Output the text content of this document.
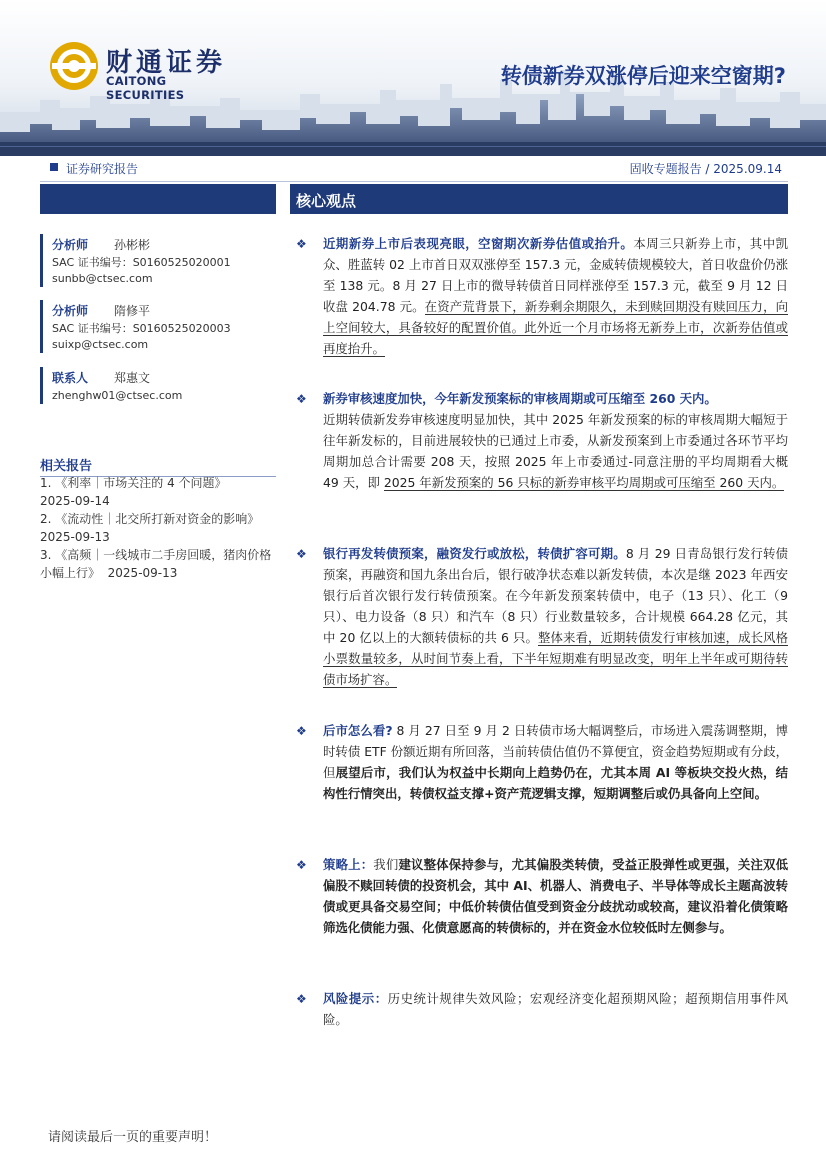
财通证券
CAITONG SECURITIES
转债新券双涨停后迎来空窗期?
证券研究报告	固收专题报告 / 2025.09.14
核心观点
分析师 孙彬彬
SAC 证书编号：S0160525020001
sunbb@ctsec.com
分析师 隋修平
SAC 证书编号：S0160525020003
suixp@ctsec.com
联系人 郑惠文
zhenghw01@ctsec.com
相关报告
1. 《利率｜市场关注的 4 个问题》
2025-09-14
2. 《流动性｜北交所打新对资金的影响》
2025-09-13
3. 《高频｜一线城市二手房回暖，猪肉价格小幅上行》 2025-09-13
❖ 近期新券上市后表现亮眼，空窗期次新券估值或抬升。本周三只新券上市，其中凯众、胜蓝转 02 上市首日双双涨停至 157.3 元，金威转债规模较大，首日收盘价仍涨至 138 元。8 月 27 日上市的微导转债首日同样涨停至 157.3 元，截至 9 月 12 日收盘 204.78 元。在资产荒背景下，新券剩余期限久，未到赎回期没有赎回压力，向上空间较大，具备较好的配置价值。此外近一个月市场将无新券上市，次新券估值或再度抬升。
❖ 新券审核速度加快，今年新发预案标的审核周期或可压缩至 260 天内。
近期转债新发券审核速度明显加快，其中 2025 年新发预案的标的审核周期大幅短于往年新发标的，目前进展较快的已通过上市委，从新发预案到上市委通过各环节平均周期加总合计需要 208 天，按照 2025 年上市委通过-同意注册的平均周期看大概 49 天，即 2025 年新发预案的 56 只标的新券审核平均周期或可压缩至 260 天内。
❖ 银行再发转债预案，融资发行或放松，转债扩容可期。8 月 29 日青岛银行发行转债预案，再融资和国九条出台后，银行破净状态难以新发转债，本次是继 2023 年西安银行后首次银行发行转债预案。在今年新发预案转债中，电子（13 只）、化工（9 只）、电力设备（8 只）和汽车（8 只）行业数量较多，合计规模 664.28 亿元，其中 20 亿以上的大额转债标的共 6 只。整体来看，近期转债发行审核加速，成长风格小票数量较多，从时间节奏上看，下半年短期难有明显改变，明年上半年或可期待转债市场扩容。
❖ 后市怎么看? 8 月 27 日至 9 月 2 日转债市场大幅调整后，市场进入震荡调整期，博时转债 ETF 份额近期有所回落，当前转债估值仍不算便宜，资金趋势短期或有分歧，但展望后市，我们认为权益中长期向上趋势仍在，尤其本周 AI 等板块交投火热，结构性行情突出，转债权益支撑+资产荒逻辑支撑，短期调整后或仍具备向上空间。
❖ 策略上：我们建议整体保持参与，尤其偏股类转债，受益正股弹性或更强，关注双低偏股不赎回转债的投资机会，其中 AI、机器人、消费电子、半导体等成长主题高波转债或更具备交易空间；中低价转债估值受到资金分歧扰动或较高，建议沿着化债策略筛选化债能力强、化债意愿高的转债标的，并在资金水位较低时左侧参与。
❖ 风险提示：历史统计规律失效风险；宏观经济变化超预期风险；超预期信用事件风险。
请阅读最后一页的重要声明！
